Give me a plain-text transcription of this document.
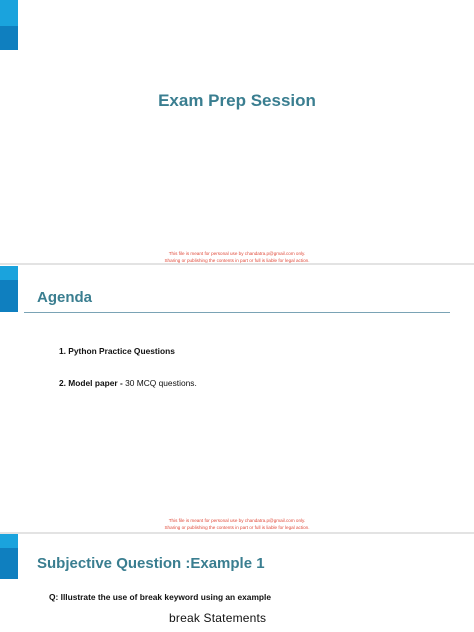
Exam Prep Session
This file is meant for personal use by chandatra.p@gmail.com only.
Sharing or publishing the contents in part or full is liable for legal action.
Agenda
1. Python Practice Questions
2. Model paper - 30 MCQ questions.
This file is meant for personal use by chandatra.p@gmail.com only.
Sharing or publishing the contents in part or full is liable for legal action.
Subjective Question :Example 1
Q: Illustrate the use of break keyword using an example
break Statements
